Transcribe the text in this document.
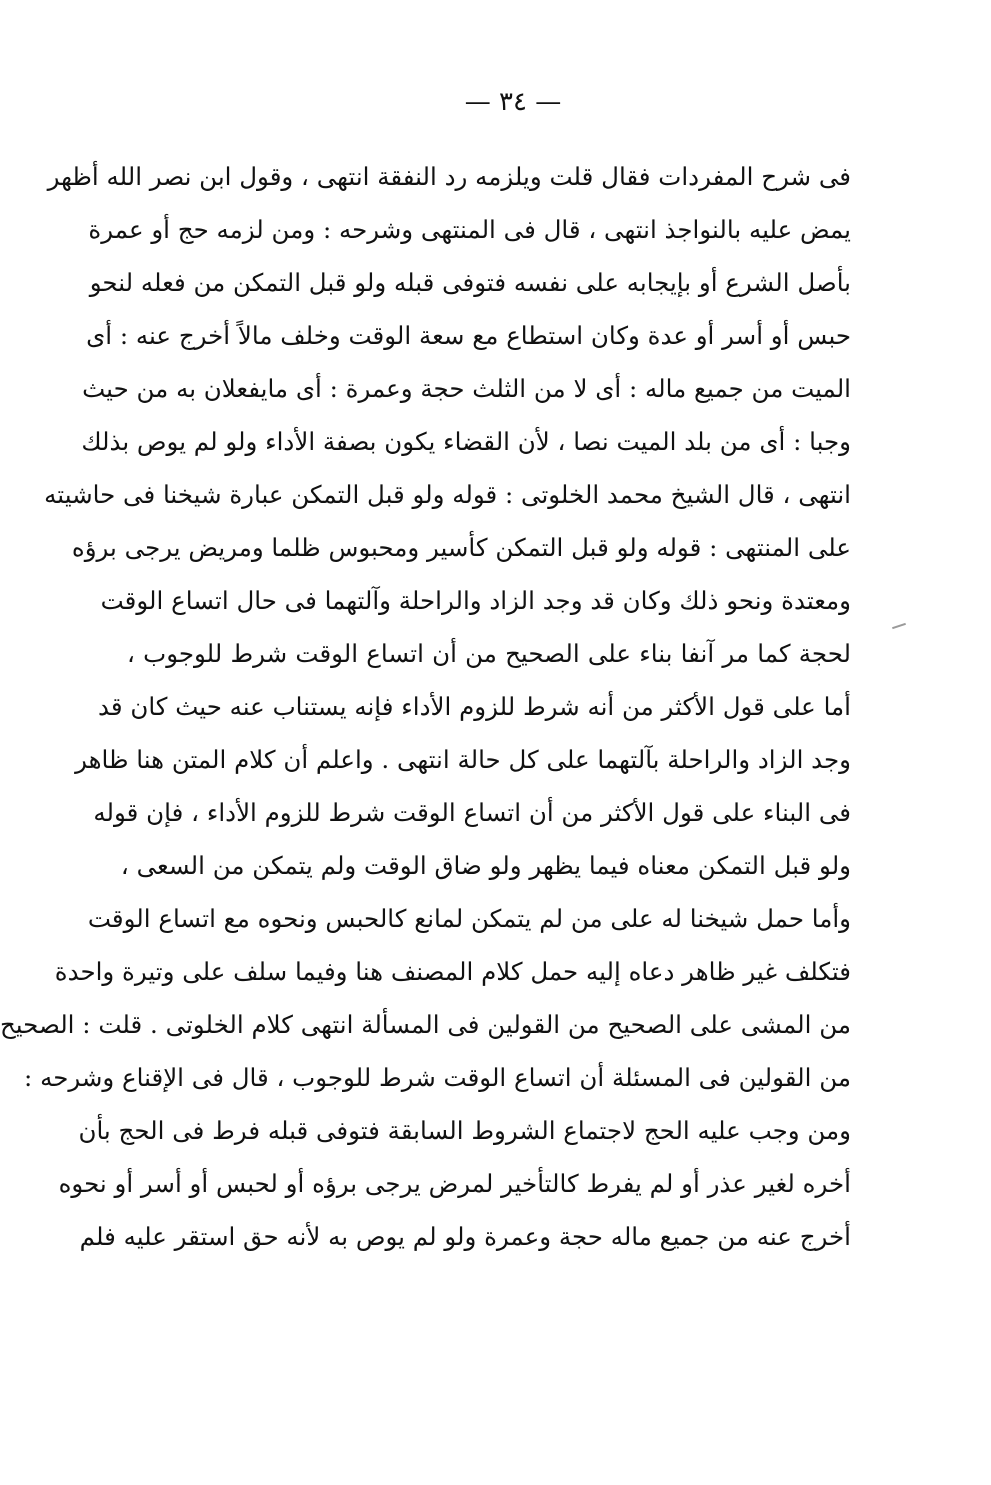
— ٣٤ —
فى شرح المفردات فقال قلت ويلزمه رد النفقة انتهى ، وقول ابن نصر الله أظهر
يمض عليه بالنواجذ انتهى ، قال فى المنتهى وشرحه : ومن لزمه حج أو عمرة
بأصل الشرع أو بإيجابه على نفسه فتوفى قبله ولو قبل التمكن من فعله لنحو
حبس أو أسر أو عدة وكان استطاع مع سعة الوقت وخلف مالاً أخرج عنه : أى
الميت من جميع ماله : أى لا من الثلث حجة وعمرة : أى مايفعلان به من حيث
وجبا : أى من بلد الميت نصا ، لأن القضاء يكون بصفة الأداء ولو لم يوص بذلك
انتهى ، قال الشيخ محمد الخلوتى : قوله ولو قبل التمكن عبارة شيخنا فى حاشيته
على المنتهى : قوله ولو قبل التمكن كأسير ومحبوس ظلما ومريض يرجى برؤه
ومعتدة ونحو ذلك وكان قد وجد الزاد والراحلة وآلتهما فى حال اتساع الوقت
لحجة كما مر آنفا بناء على الصحيح من أن اتساع الوقت شرط للوجوب ،
أما على قول الأكثر من أنه شرط للزوم الأداء فإنه يستناب عنه حيث كان قد
وجد الزاد والراحلة بآلتهما على كل حالة انتهى . واعلم أن كلام المتن هنا ظاهر
فى البناء على قول الأكثر من أن اتساع الوقت شرط للزوم الأداء ، فإن قوله
ولو قبل التمكن معناه فيما يظهر ولو ضاق الوقت ولم يتمكن من السعى ،
وأما حمل شيخنا له على من لم يتمكن لمانع كالحبس ونحوه مع اتساع الوقت
فتكلف غير ظاهر دعاه إليه حمل كلام المصنف هنا وفيما سلف على وتيرة واحدة
من المشى على الصحيح من القولين فى المسألة انتهى كلام الخلوتى . قلت : الصحيح
من القولين فى المسئلة أن اتساع الوقت شرط للوجوب ، قال فى الإقناع وشرحه :
ومن وجب عليه الحج لاجتماع الشروط السابقة فتوفى قبله فرط فى الحج بأن
أخره لغير عذر أو لم يفرط كالتأخير لمرض يرجى برؤه أو لحبس أو أسر أو نحوه
أخرج عنه من جميع ماله حجة وعمرة ولو لم يوص به لأنه حق استقر عليه فلم
